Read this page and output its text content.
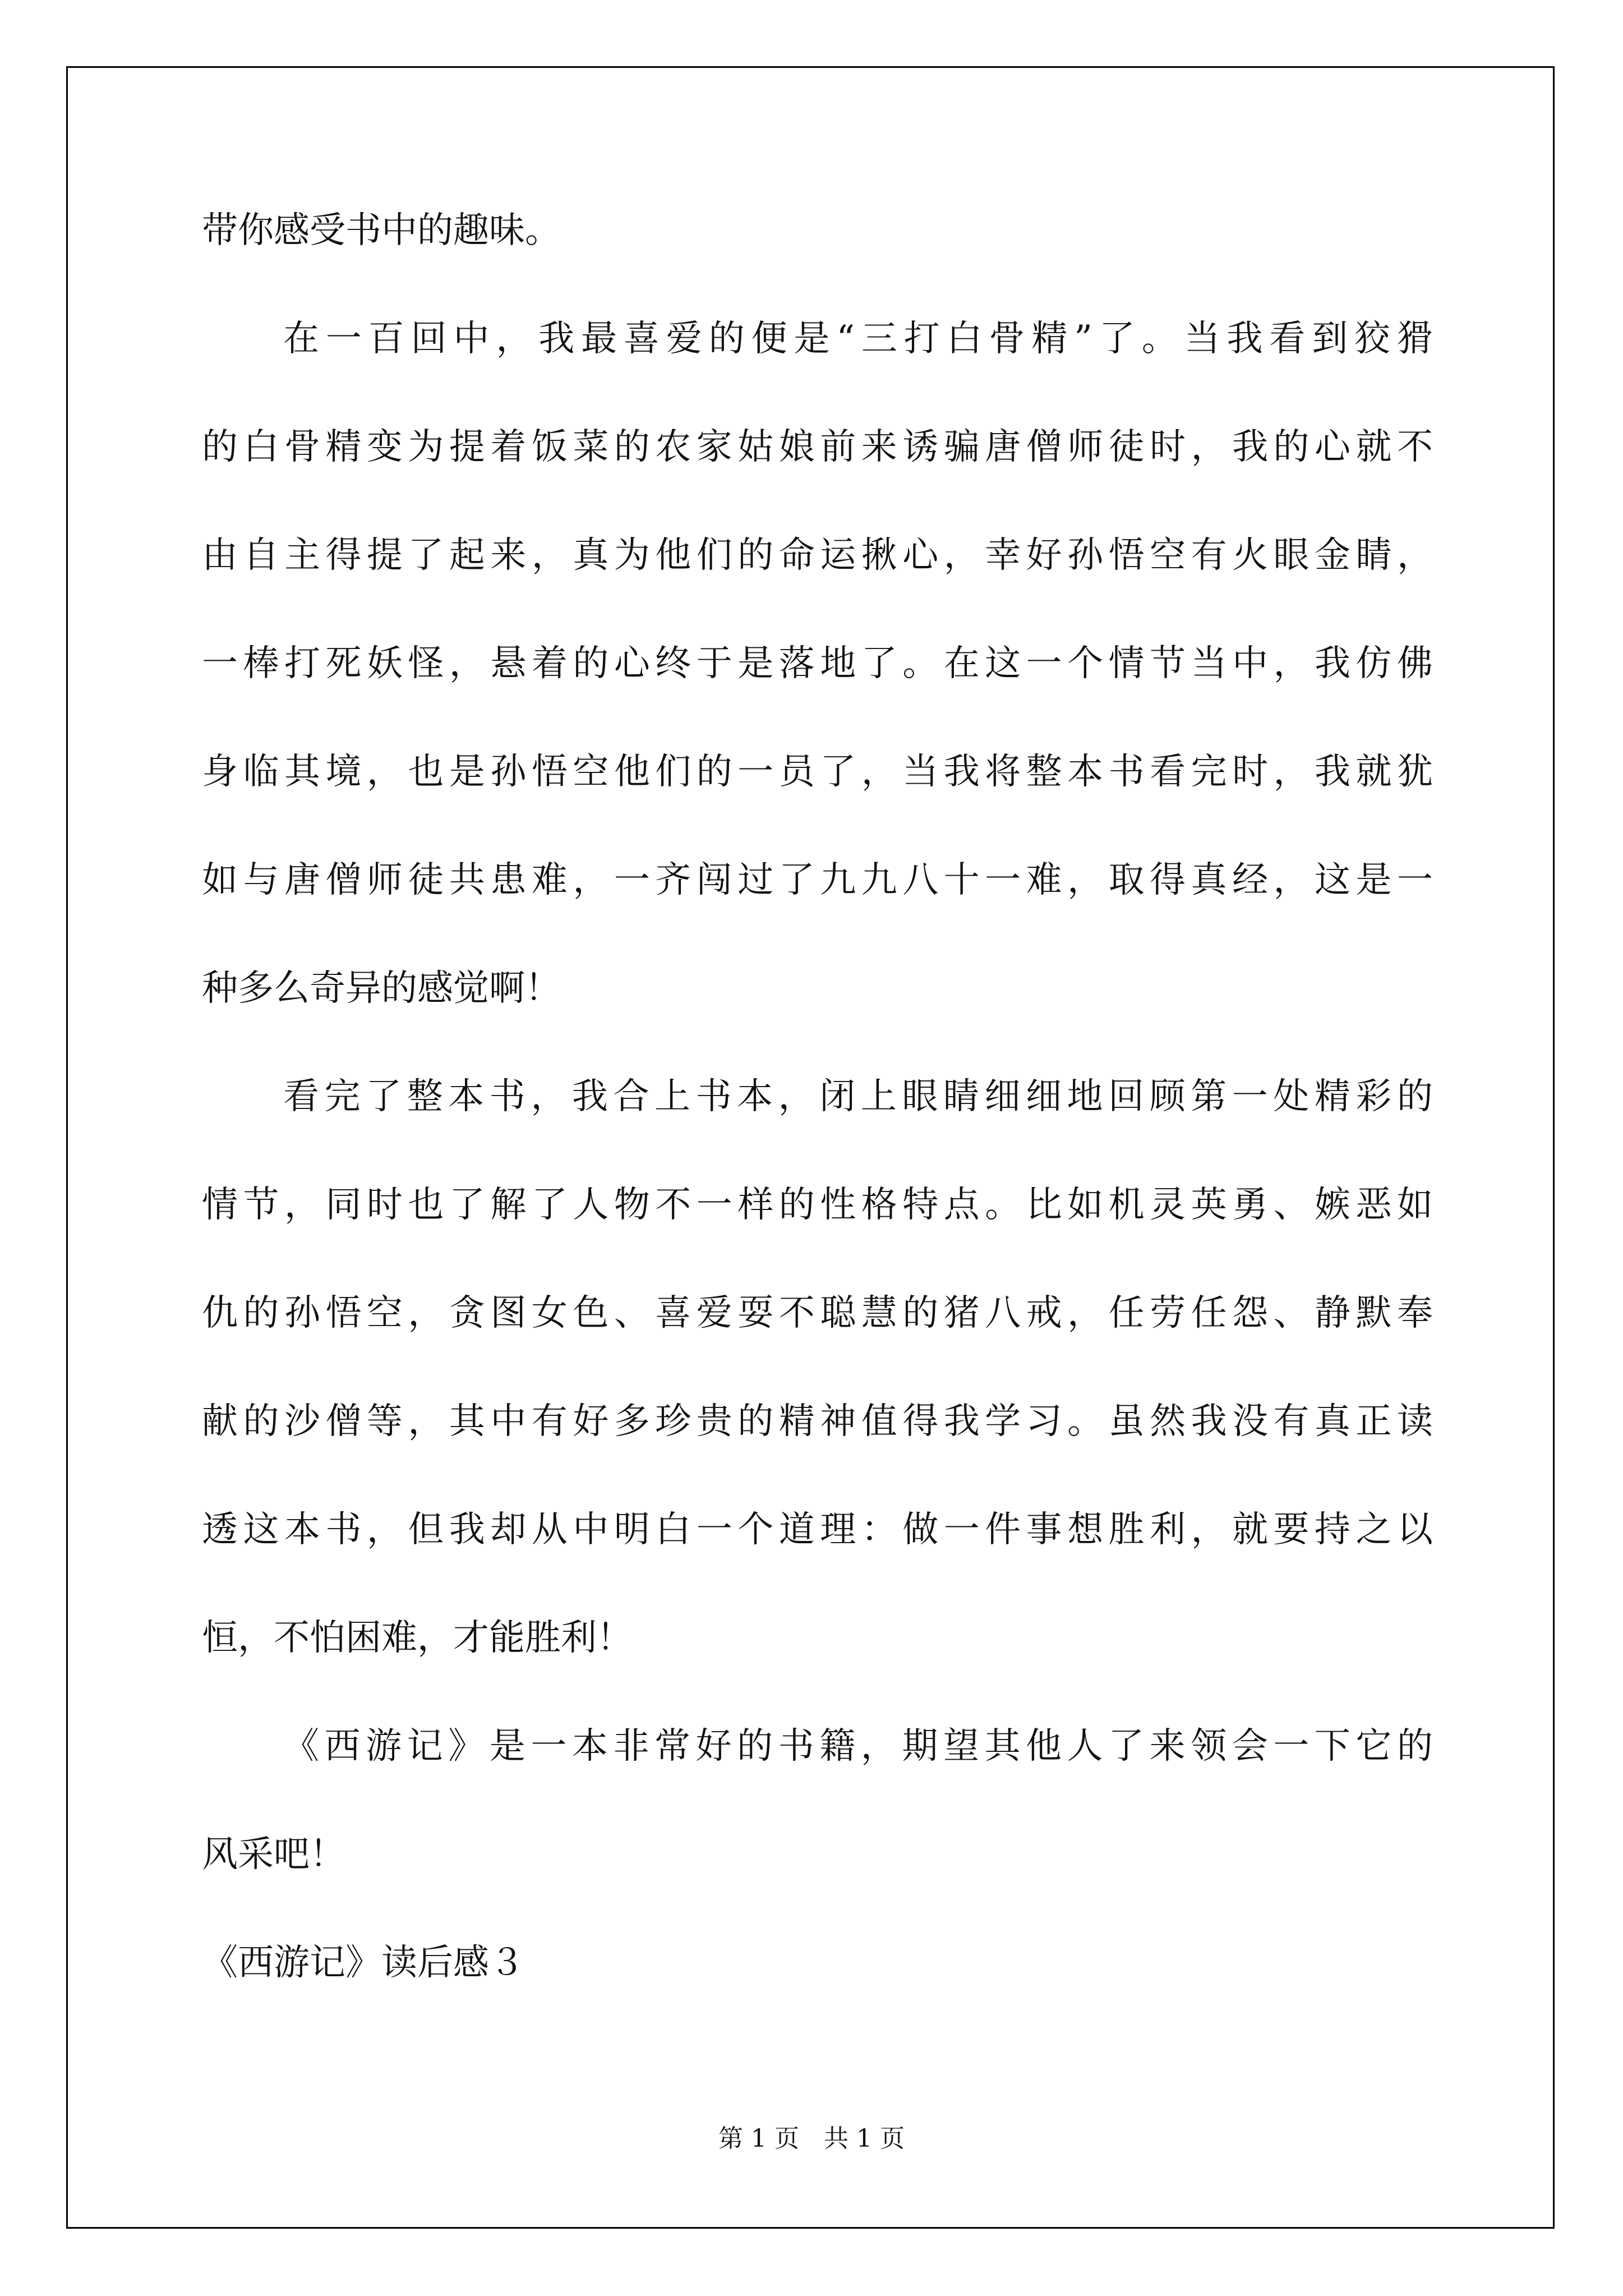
带你感受书中的趣味。
在一百回中，我最喜爱的便是“三打白骨精”了。当我看到狡猾
的白骨精变为提着饭菜的农家姑娘前来诱骗唐僧师徒时，我的心就不
由自主得提了起来，真为他们的命运揪心，幸好孙悟空有火眼金睛，
一棒打死妖怪，悬着的心终于是落地了。在这一个情节当中，我仿佛
身临其境，也是孙悟空他们的一员了，当我将整本书看完时，我就犹
如与唐僧师徒共患难，一齐闯过了九九八十一难，取得真经，这是一
种多么奇异的感觉啊！
看完了整本书，我合上书本，闭上眼睛细细地回顾第一处精彩的
情节，同时也了解了人物不一样的性格特点。比如机灵英勇、嫉恶如
仇的孙悟空，贪图女色、喜爱耍不聪慧的猪八戒，任劳任怨、静默奉
献的沙僧等，其中有好多珍贵的精神值得我学习。虽然我没有真正读
透这本书，但我却从中明白一个道理：做一件事想胜利，就要持之以
恒，不怕困难，才能胜利！
《西游记》是一本非常好的书籍，期望其他人了来领会一下它的
风采吧！
《西游记》读后感３
第 1 页　共 1 页
